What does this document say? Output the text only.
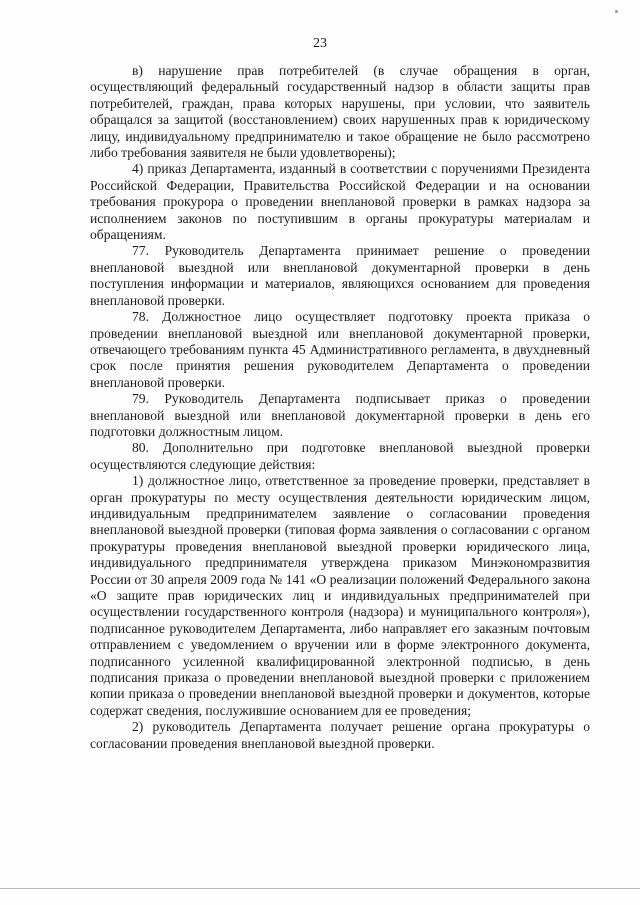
23

в) нарушение прав потребителей (в случае обращения в орган, осуществляющий федеральный государственный надзор в области защиты прав потребителей, граждан, права которых нарушены, при условии, что заявитель обращался за защитой (восстановлением) своих нарушенных прав к юридическому лицу, индивидуальному предпринимателю и такое обращение не было рассмотрено либо требования заявителя не были удовлетворены);

4) приказ Департамента, изданный в соответствии с поручениями Президента Российской Федерации, Правительства Российской Федерации и на основании требования прокурора о проведении внеплановой проверки в рамках надзора за исполнением законов по поступившим в органы прокуратуры материалам и обращениям.

77. Руководитель Департамента принимает решение о проведении внеплановой выездной или внеплановой документарной проверки в день поступления информации и материалов, являющихся основанием для проведения внеплановой проверки.

78. Должностное лицо осуществляет подготовку проекта приказа о проведении внеплановой выездной или внеплановой документарной проверки, отвечающего требованиям пункта 45 Административного регламента, в двухдневный срок после принятия решения руководителем Департамента о проведении внеплановой проверки.

79. Руководитель Департамента подписывает приказ о проведении внеплановой выездной или внеплановой документарной проверки в день его подготовки должностным лицом.

80. Дополнительно при подготовке внеплановой выездной проверки осуществляются следующие действия:

1) должностное лицо, ответственное за проведение проверки, представляет в орган прокуратуры по месту осуществления деятельности юридическим лицом, индивидуальным предпринимателем заявление о согласовании проведения внеплановой выездной проверки (типовая форма заявления о согласовании с органом прокуратуры проведения внеплановой выездной проверки юридического лица, индивидуального предпринимателя утверждена приказом Минэкономразвития России от 30 апреля 2009 года № 141 «О реализации положений Федерального закона «О защите прав юридических лиц и индивидуальных предпринимателей при осуществлении государственного контроля (надзора) и муниципального контроля»), подписанное руководителем Департамента, либо направляет его заказным почтовым отправлением с уведомлением о вручении или в форме электронного документа, подписанного усиленной квалифицированной электронной подписью, в день подписания приказа о проведении внеплановой выездной проверки с приложением копии приказа о проведении внеплановой выездной проверки и документов, которые содержат сведения, послужившие основанием для ее проведения;

2) руководитель Департамента получает решение органа прокуратуры о согласовании проведения внеплановой выездной проверки.
